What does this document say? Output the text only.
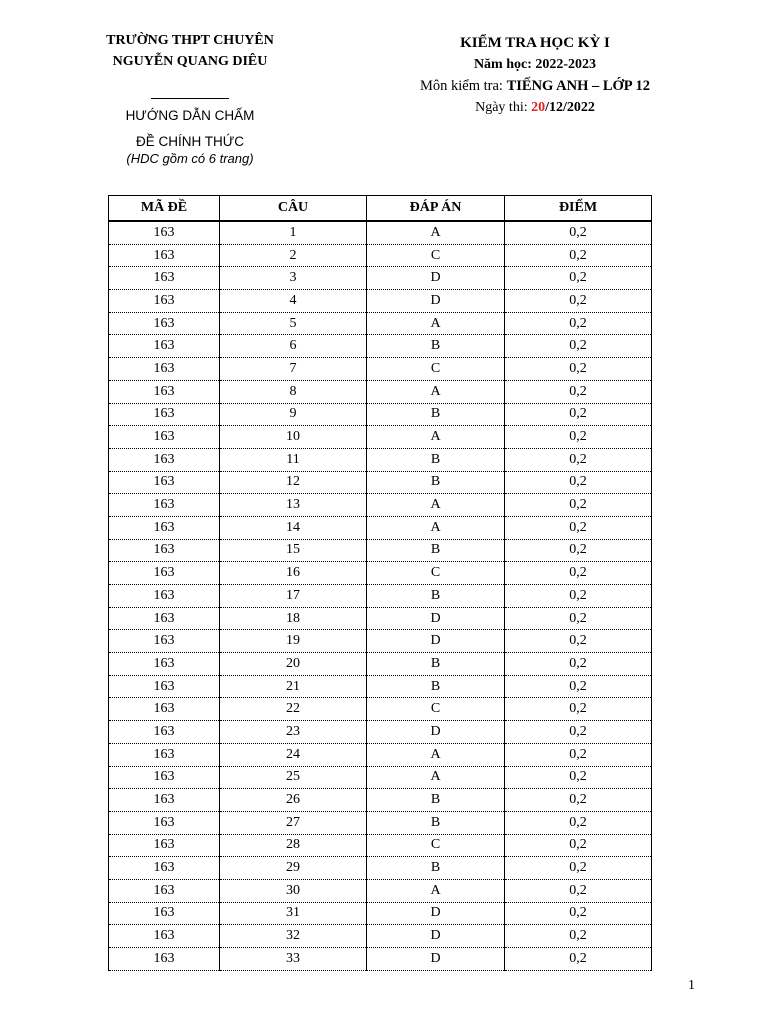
TRƯỜNG THPT CHUYÊN
NGUYỄN QUANG DIÊU
HƯỚNG DẪN CHẤM
ĐỀ CHÍNH THỨC
(HDC gồm có 6 trang)
KIỂM TRA HỌC KỲ I
Năm học: 2022-2023
Môn kiểm tra: TIẾNG ANH – LỚP 12
Ngày thi: 20/12/2022
MÃ ĐỀ	CÂU	ĐÁP ÁN	ĐIỂM
163	1	A	0,2
163	2	C	0,2
163	3	D	0,2
163	4	D	0,2
163	5	A	0,2
163	6	B	0,2
163	7	C	0,2
163	8	A	0,2
163	9	B	0,2
163	10	A	0,2
163	11	B	0,2
163	12	B	0,2
163	13	A	0,2
163	14	A	0,2
163	15	B	0,2
163	16	C	0,2
163	17	B	0,2
163	18	D	0,2
163	19	D	0,2
163	20	B	0,2
163	21	B	0,2
163	22	C	0,2
163	23	D	0,2
163	24	A	0,2
163	25	A	0,2
163	26	B	0,2
163	27	B	0,2
163	28	C	0,2
163	29	B	0,2
163	30	A	0,2
163	31	D	0,2
163	32	D	0,2
163	33	D	0,2
1
